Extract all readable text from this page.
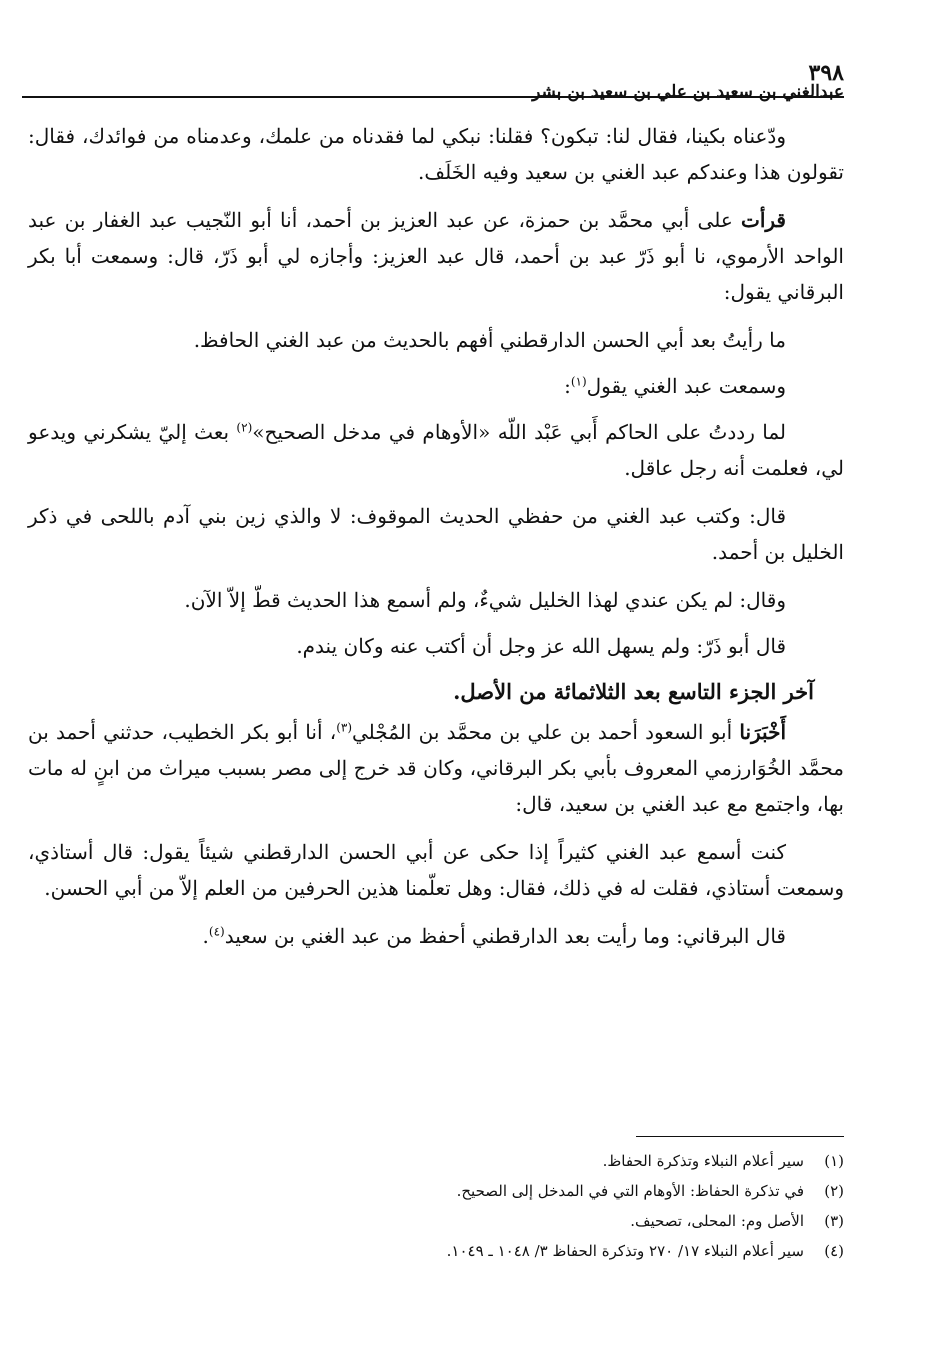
٣٩٨
عبدالغني بن سعيد بن علي بن سعيد بن بشر

ودّعناه بكينا، فقال لنا: تبكون؟ فقلنا: نبكي لما فقدناه من علمك، وعدمناه من فوائدك، فقال: تقولون هذا وعندكم عبد الغني بن سعيد وفيه الخَلَف.

قرأت على أبي محمَّد بن حمزة، عن عبد العزيز بن أحمد، أنا أبو النّجيب عبد الغفار بن عبد الواحد الأرموي، نا أبو ذَرّ عبد بن أحمد، قال عبد العزيز: وأجازه لي أبو ذَرّ، قال: وسمعت أبا بكر البرقاني يقول:

ما رأيتُ بعد أبي الحسن الدارقطني أفهم بالحديث من عبد الغني الحافظ.

وسمعت عبد الغني يقول$^{(١)}$:

لما رددتُ على الحاكم أَبي عَبْد اللّه «الأوهام في مدخل الصحيح»$^{(٢)}$ بعث إليّ يشكرني ويدعو لي، فعلمت أنه رجل عاقل.

قال: وكتب عبد الغني من حفظي الحديث الموقوف: لا والذي زين بني آدم باللحى في ذكر الخليل بن أحمد.

وقال: لم يكن عندي لهذا الخليل شيءٌ، ولم أسمع هذا الحديث قطّ إلاّ الآن.

قال أبو ذَرّ: ولم يسهل الله عز وجل أن أكتب عنه وكان يندم.

آخر الجزء التاسع بعد الثلاثمائة من الأصل.

أَخْبَرَنا أبو السعود أحمد بن علي بن محمَّد بن المُجْلي$^{(٣)}$، أنا أبو بكر الخطيب، حدثني أحمد بن محمَّد الخُوَارزمي المعروف بأبي بكر البرقاني، وكان قد خرج إلى مصر بسبب ميراث من ابنٍ له مات بها، واجتمع مع عبد الغني بن سعيد، قال:

كنت أسمع عبد الغني كثيراً إذا حكى عن أبي الحسن الدارقطني شيئاً يقول: قال أستاذي، وسمعت أستاذي، فقلت له في ذلك، فقال: وهل تعلّمنا هذين الحرفين من العلم إلاّ من أبي الحسن.

قال البرقاني: وما رأيت بعد الدارقطني أحفظ من عبد الغني بن سعيد$^{(٤)}$.

(١)
سير أعلام النبلاء وتذكرة الحفاظ.
(٢)
في تذكرة الحفاظ: الأوهام التي في المدخل إلى الصحيح.
(٣)
الأصل وم: المحلى، تصحيف.
(٤)
سير أعلام النبلاء ١٧/ ٢٧٠ وتذكرة الحفاظ ٣/ ١٠٤٨ ـ ١٠٤٩.
